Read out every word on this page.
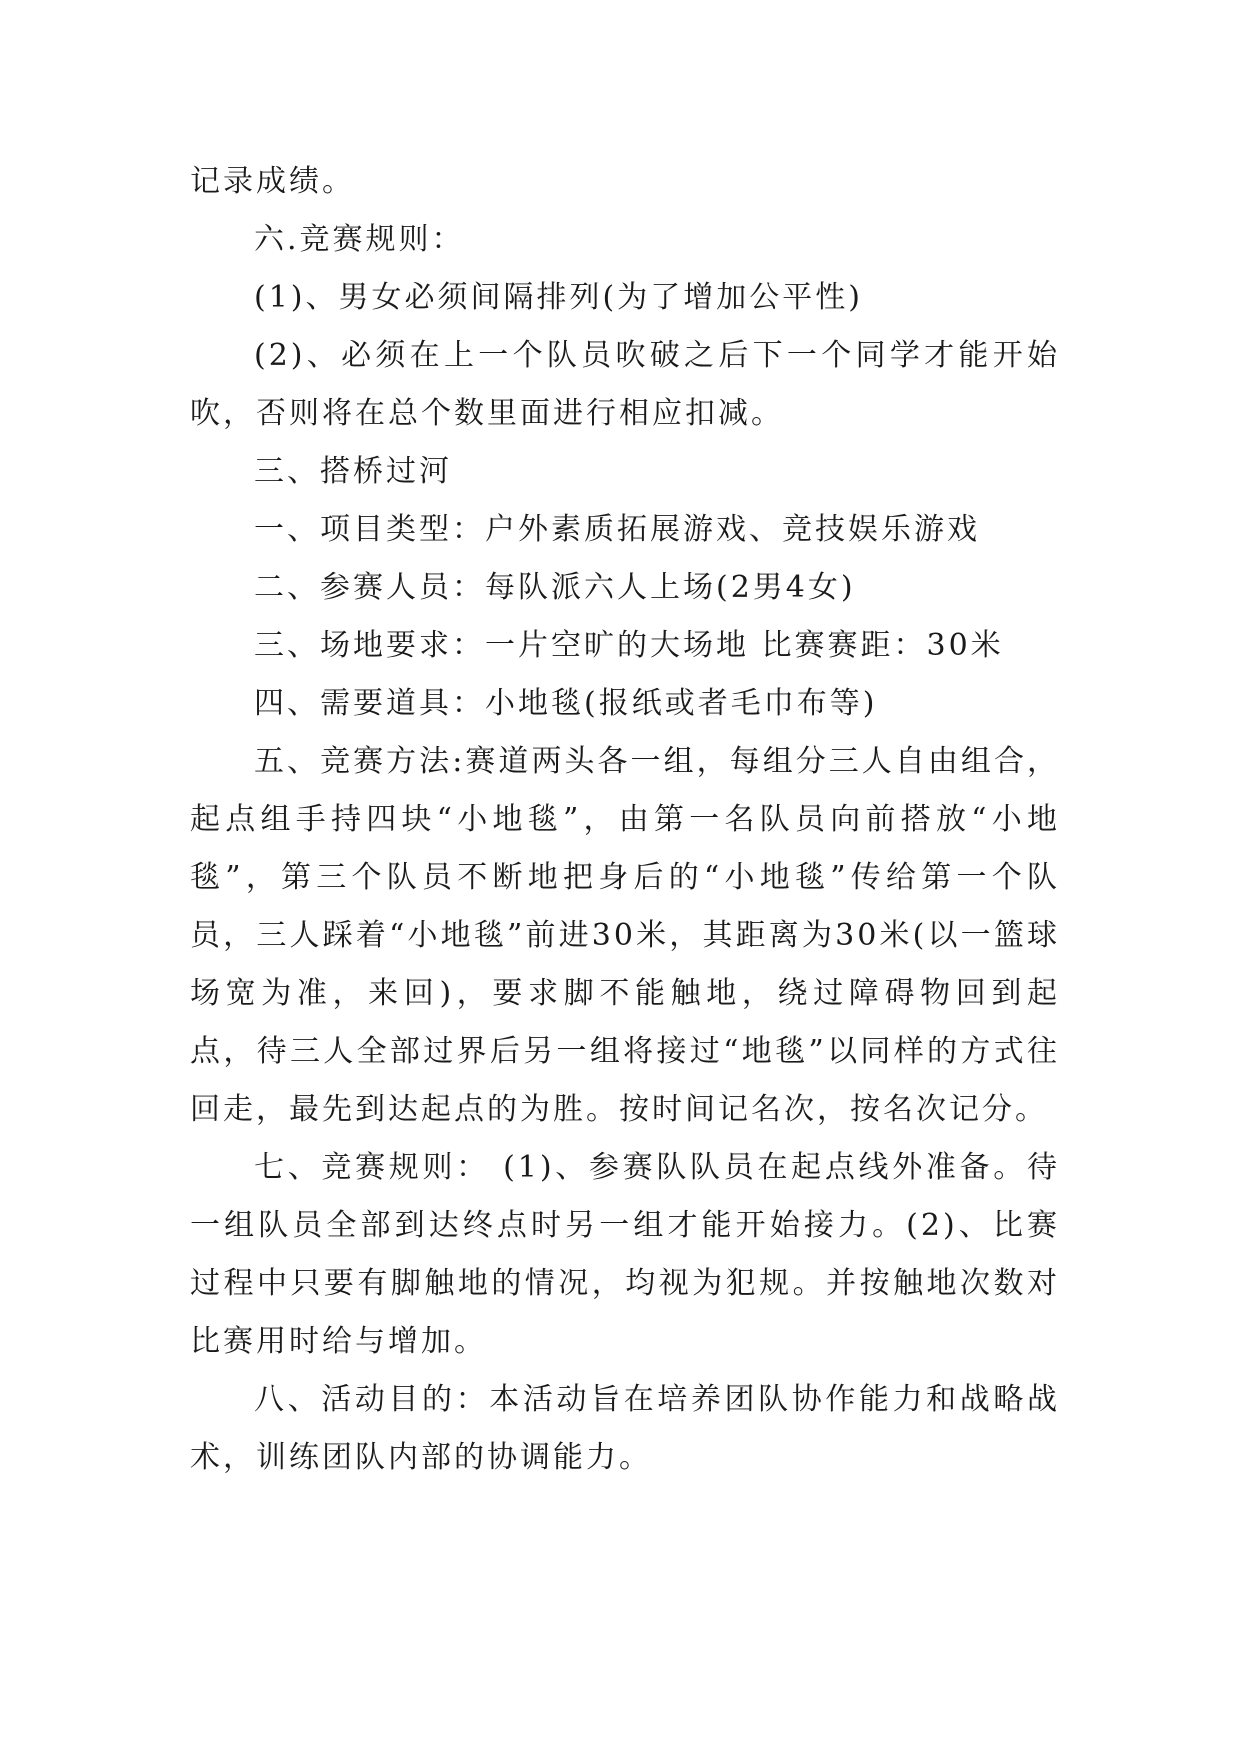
记录成绩。

六.竞赛规则：

(1)、男女必须间隔排列(为了增加公平性)

(2)、必须在上一个队员吹破之后下一个同学才能开始吹，否则将在总个数里面进行相应扣减。

三、搭桥过河

一、项目类型：户外素质拓展游戏、竞技娱乐游戏

二、参赛人员：每队派六人上场(2男4女)

三、场地要求：一片空旷的大场地 比赛赛距：30米

四、需要道具：小地毯(报纸或者毛巾布等)

五、竞赛方法:赛道两头各一组，每组分三人自由组合，起点组手持四块“小地毯”，由第一名队员向前搭放“小地毯”，第三个队员不断地把身后的“小地毯”传给第一个队员，三人踩着“小地毯”前进30米，其距离为30米(以一篮球场宽为准，来回)，要求脚不能触地，绕过障碍物回到起点，待三人全部过界后另一组将接过“地毯”以同样的方式往回走，最先到达起点的为胜。按时间记名次，按名次记分。

七、竞赛规则： (1)、参赛队队员在起点线外准备。待一组队员全部到达终点时另一组才能开始接力。(2)、比赛过程中只要有脚触地的情况，均视为犯规。并按触地次数对比赛用时给与增加。

八、活动目的：本活动旨在培养团队协作能力和战略战术，训练团队内部的协调能力。
